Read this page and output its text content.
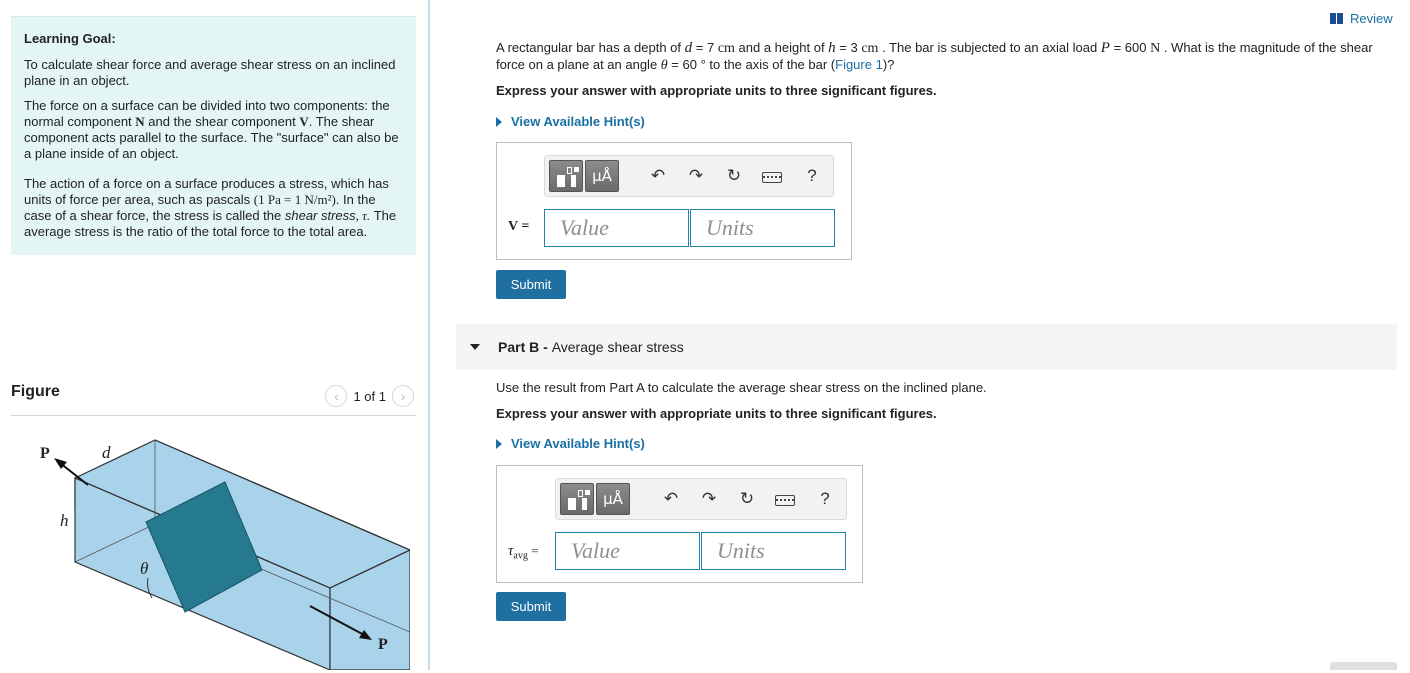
Learning Goal:

To calculate shear force and average shear stress on an inclined plane in an object.

The force on a surface can be divided into two components: the normal component N and the shear component V. The shear component acts parallel to the surface. The "surface" can also be a plane inside of an object.

The action of a force on a surface produces a stress, which has units of force per area, such as pascals (1 Pa = 1 N/m²). In the case of a shear force, the stress is called the shear stress, τ. The average stress is the ratio of the total force to the total area.

Figure	‹	1 of 1	›
P	d
h
θ
P
Review
A rectangular bar has a depth of d = 7 cm and a height of h = 3 cm . The bar is subjected to an axial load P = 600 N . What is the magnitude of the shear force on a plane at an angle θ = 60 ° to the axis of the bar (Figure 1)?
Express your answer with appropriate units to three significant figures.
View Available Hint(s)
μÅ	↶	↷	↻	?
V =	Value	Units
Submit
Part B - Average shear stress
Use the result from Part A to calculate the average shear stress on the inclined plane.
Express your answer with appropriate units to three significant figures.
View Available Hint(s)
μÅ	↶	↷	↻	?
$\tau_{avg}$ =	Value	Units
Submit
